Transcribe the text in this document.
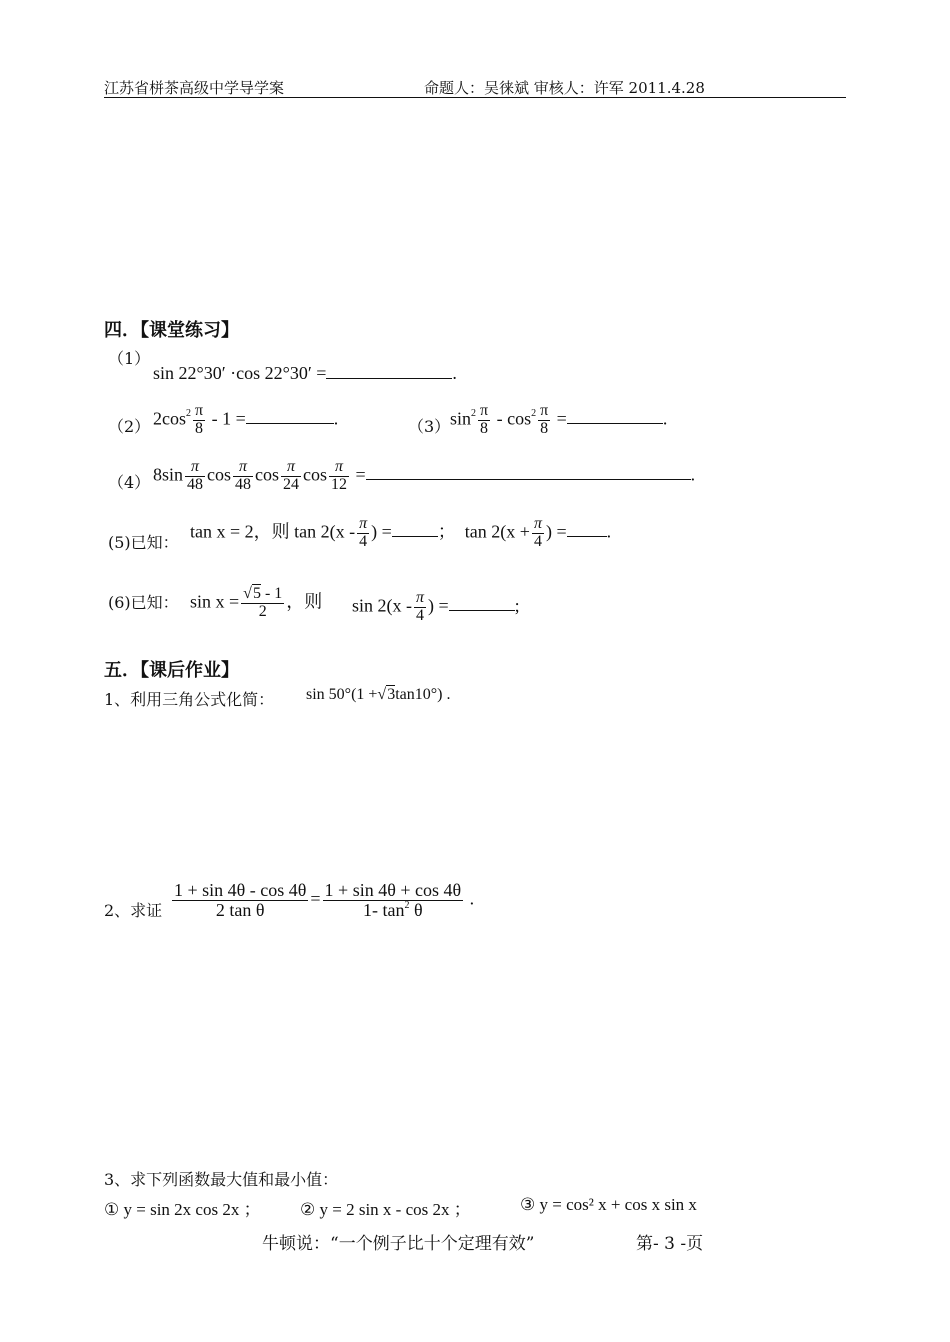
江苏省栟茶高级中学导学案	命题人：吴徕斌 审核人：许军 2011.4.28
四．【课堂练习】
（1）
sin 22°30′ ·cos 22°30′ =	.
（2） $2\cos^2 \frac{\pi}{8} - 1$ =	.	（3） $\sin^2 \frac{\pi}{8} - \cos^2 \frac{\pi}{8}$ =	.
（4） $8\sin \frac{\pi}{48}$ $\cos \frac{\pi}{48}$ $\cos \frac{\pi}{24}$ $\cos \frac{\pi}{12}$ =	.
(5)已知：
tan x = 2，则 $\tan 2(x - \frac{\pi}{4}$ ) =	； $\tan 2(x + \frac{\pi}{4}$ ) = .
(6)已知： $\sin x = \frac{√5 - 1}{2}$ ，则 $\sin 2(x - \frac{\pi}{4}$ ) =	;
五．【课后作业】
1、利用三角公式化简： sin 50°(1 +√3tan10°) .
2、求证 $\frac{1 + \sin 4\theta - \cos 4\theta}{\text{2 tan θ}} = \frac{1 + \sin 4\theta + \cos 4\theta}{1- \tan^2 \theta}$ .
3、求下列函数最大值和最小值：
① y = sin 2x cos 2x ； ② y = 2 sin x - cos 2x ；	③ y = cos² x + cos x sin x
牛顿说：“一个例子比十个定理有效”	第- 3 -页
